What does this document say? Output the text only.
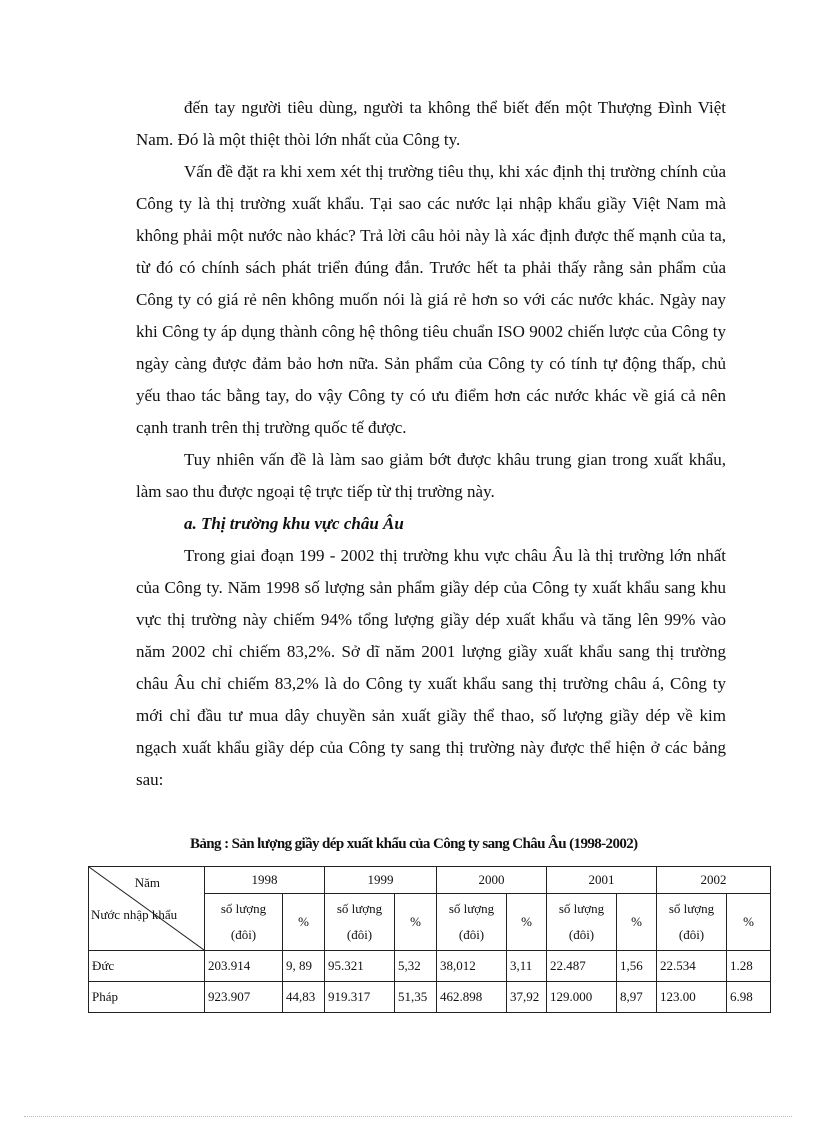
đến tay người tiêu dùng, người ta không thể biết đến một Thượng Đình Việt Nam. Đó là một thiệt thòi lớn nhất của Công ty.

Vấn đề đặt ra khi xem xét thị trường tiêu thụ, khi xác định thị trường chính của Công ty là thị trường xuất khẩu. Tại sao các nước lại nhập khẩu giầy Việt Nam mà không phải một nước nào khác? Trả lời câu hỏi này là xác định được thế mạnh của ta, từ đó có chính sách phát triển đúng đắn. Trước hết ta phải thấy rằng sản phẩm của Công ty có giá rẻ nên không muốn nói là giá rẻ hơn so với các nước khác. Ngày nay khi Công ty áp dụng thành công hệ thông tiêu chuẩn ISO 9002 chiến lược của Công ty ngày càng được đảm bảo hơn nữa. Sản phẩm của Công ty có tính tự động thấp, chủ yếu thao tác bằng tay, do vậy Công ty có ưu điểm hơn các nước khác về giá cả nên cạnh tranh trên thị trường quốc tế được.

Tuy nhiên vấn đề là làm sao giảm bớt được khâu trung gian trong xuất khẩu, làm sao thu được ngoại tệ trực tiếp từ thị trường này.

a. Thị trường khu vực châu Âu

Trong giai đoạn 199 - 2002 thị trường khu vực châu Âu là thị trường lớn nhất của Công ty. Năm 1998 số lượng sản phẩm giầy dép của Công ty xuất khẩu sang khu vực thị trường này chiếm 94% tổng lượng giầy dép xuất khẩu và tăng lên 99% vào năm 2002 chỉ chiếm 83,2%. Sở dĩ năm 2001 lượng giầy xuất khẩu sang thị trường châu Âu chỉ chiếm 83,2% là do Công ty xuất khẩu sang thị trường châu á, Công ty mới chỉ đầu tư mua dây chuyền sản xuất giầy thể thao, số lượng giầy dép về kim ngạch xuất khẩu giầy dép của Công ty sang thị trường này được thể hiện ở các bảng sau:

Bảng : Sản lượng giầy dép xuất khẩu của Công ty sang Châu Âu (1998-2002)
Năm
Nước nhập khẩu	1998		1999		2000		2001		2002	
	số lượng (đôi)	%	số lượng (đôi)	%	số lượng (đôi)	%	số lượng (đôi)	%	số lượng (đôi)	%
Đức	203.914	9, 89	95.321	5,32	38,012	3,11	22.487	1,56	22.534	1.28
Pháp	923.907	44,83	919.317	51,35	462.898	37,92	129.000	8,97	123.00	6.98
